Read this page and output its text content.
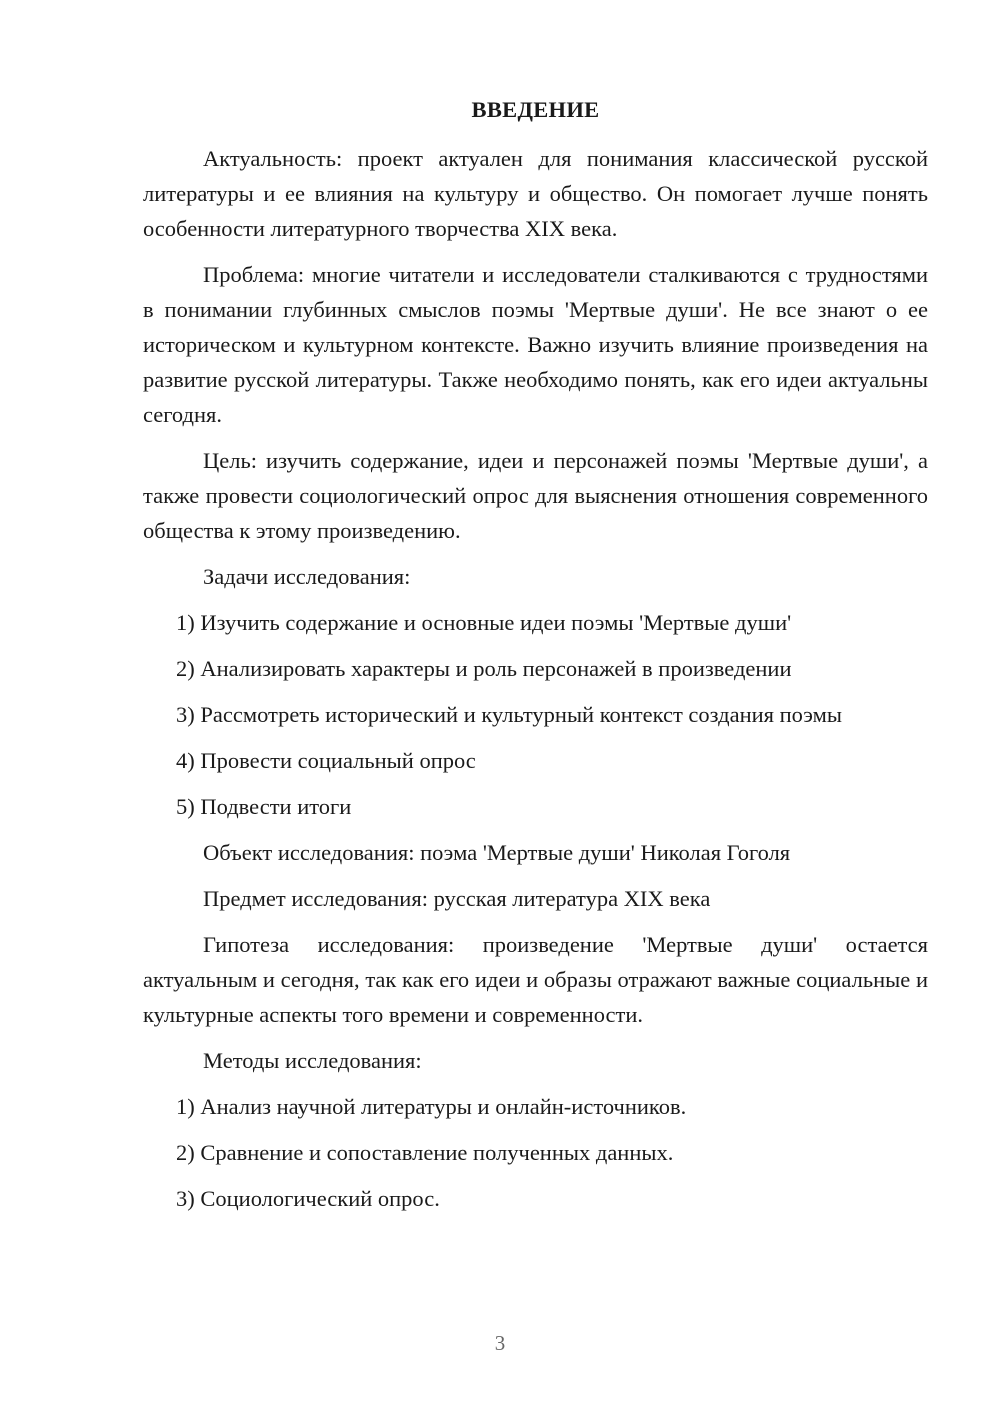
ВВЕДЕНИЕ

Актуальность: проект актуален для понимания классической русской литературы и ее влияния на культуру и общество. Он помогает лучше понять особенности литературного творчества XIX века.

Проблема: многие читатели и исследователи сталкиваются с трудностями в понимании глубинных смыслов поэмы 'Мертвые души'. Не все знают о ее историческом и культурном контексте. Важно изучить влияние произведения на развитие русской литературы. Также необходимо понять, как его идеи актуальны сегодня.

Цель: изучить содержание, идеи и персонажей поэмы 'Мертвые души', а также провести социологический опрос для выяснения отношения современного общества к этому произведению.

Задачи исследования:

1) Изучить содержание и основные идеи поэмы 'Мертвые души'

2) Анализировать характеры и роль персонажей в произведении

3) Рассмотреть исторический и культурный контекст создания поэмы

4) Провести социальный опрос

5) Подвести итоги

Объект исследования: поэма 'Мертвые души' Николая Гоголя

Предмет исследования: русская литература XIX века

Гипотеза исследования: произведение 'Мертвые души' остается актуальным и сегодня, так как его идеи и образы отражают важные социальные и культурные аспекты того времени и современности.

Методы исследования:

1) Анализ научной литературы и онлайн-источников.

2) Сравнение и сопоставление полученных данных.

3) Социологический опрос.

3
